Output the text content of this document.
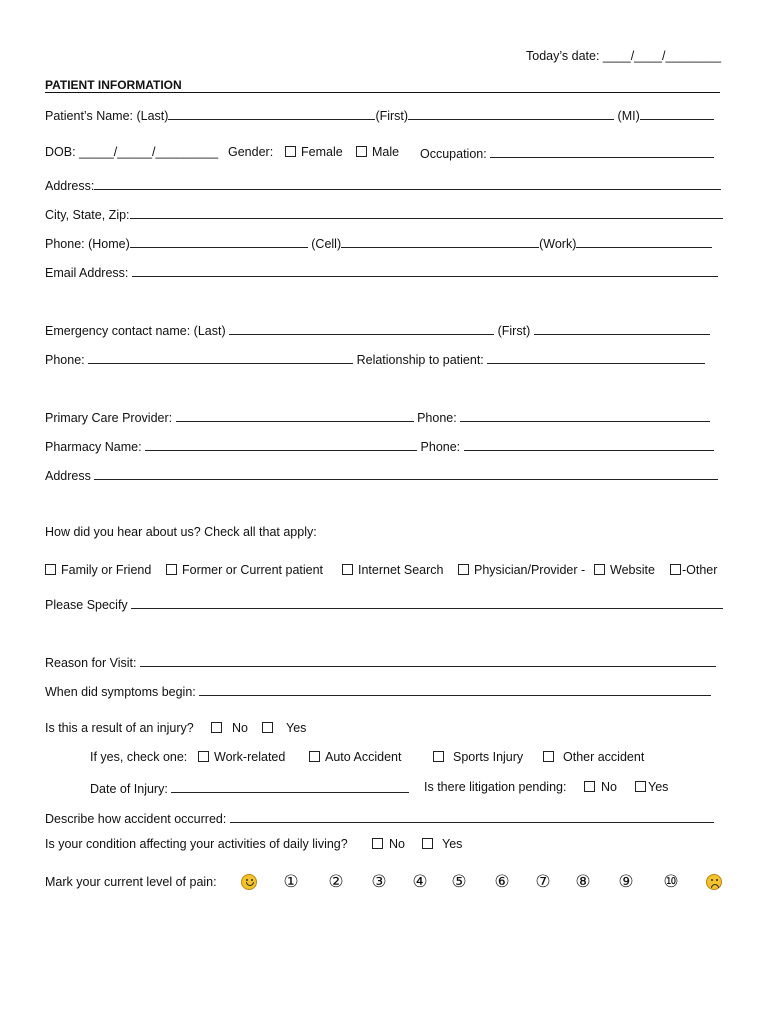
Today’s date: ____/____/________
PATIENT INFORMATION
Patient’s Name: (Last)	(First)	(MI)
DOB: _____/_____/_________ Gender:	Female	Male Occupation:
Address:
City, State, Zip:
Phone: (Home)	(Cell)	(Work)
Email Address:
Emergency contact name: (Last)	(First)
Phone:	Relationship to patient:
Primary Care Provider:	Phone:
Pharmacy Name:	Phone:
Address
How did you hear about us? Check all that apply:
Family or Friend	Former or Current patient	Internet Search	Physician/Provider -	Website	-Other
Please Specify
Reason for Visit:
When did symptoms begin:
Is this a result of an injury?	No	Yes
If yes, check one:	Work-related	Auto Accident	Sports Injury	Other accident
Date of Injury:	Is there litigation pending:	No	Yes
Describe how accident occurred:
Is your condition affecting your activities of daily living?	No	Yes
Mark your current level of pain:	① ② ③ ④ ⑤ ⑥ ⑦ ⑧ ⑨ ⑩
